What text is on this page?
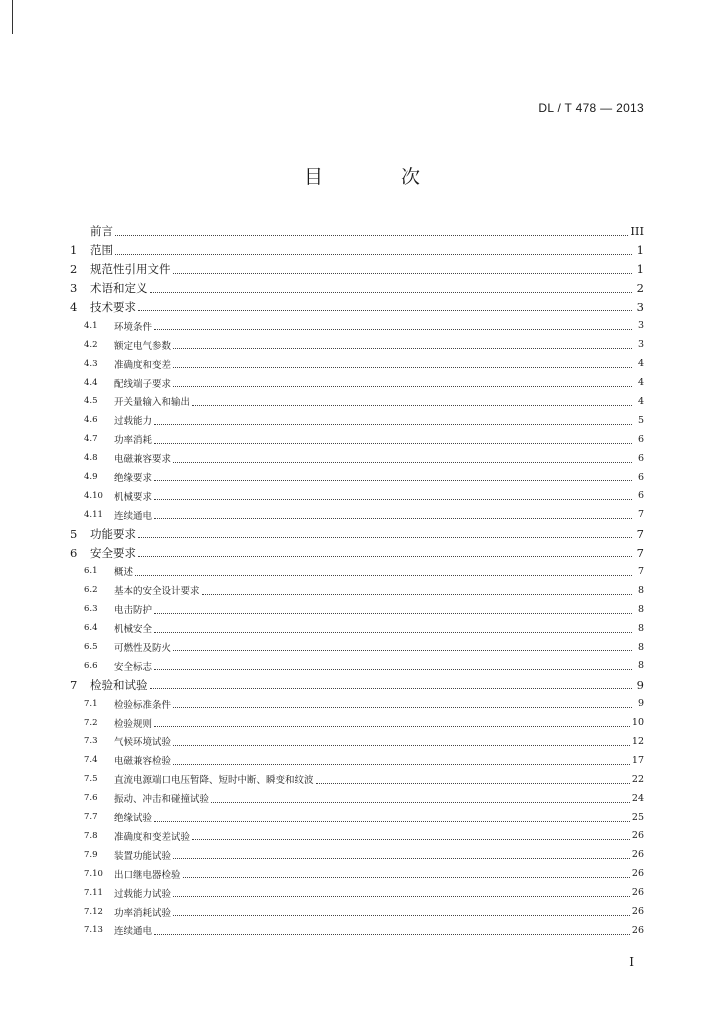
DL / T 478 — 2013
目 次
前言	III
1	范围	1
2	规范性引用文件	1
3	术语和定义	2
4	技术要求	3
4.1	环境条件	3
4.2	额定电气参数	3
4.3	准确度和变差	4
4.4	配线端子要求	4
4.5	开关量输入和输出	4
4.6	过载能力	5
4.7	功率消耗	6
4.8	电磁兼容要求	6
4.9	绝缘要求	6
4.10	机械要求	6
4.11	连续通电	7
5	功能要求	7
6	安全要求	7
6.1	概述	7
6.2	基本的安全设计要求	8
6.3	电击防护	8
6.4	机械安全	8
6.5	可燃性及防火	8
6.6	安全标志	8
7	检验和试验	9
7.1	检验标准条件	9
7.2	检验规则	10
7.3	气候环境试验	12
7.4	电磁兼容检验	17
7.5	直流电源端口电压暂降、短时中断、瞬变和纹波	22
7.6	振动、冲击和碰撞试验	24
7.7	绝缘试验	25
7.8	准确度和变差试验	26
7.9	装置功能试验	26
7.10	出口继电器检验	26
7.11	过载能力试验	26
7.12	功率消耗试验	26
7.13	连续通电	26
I
